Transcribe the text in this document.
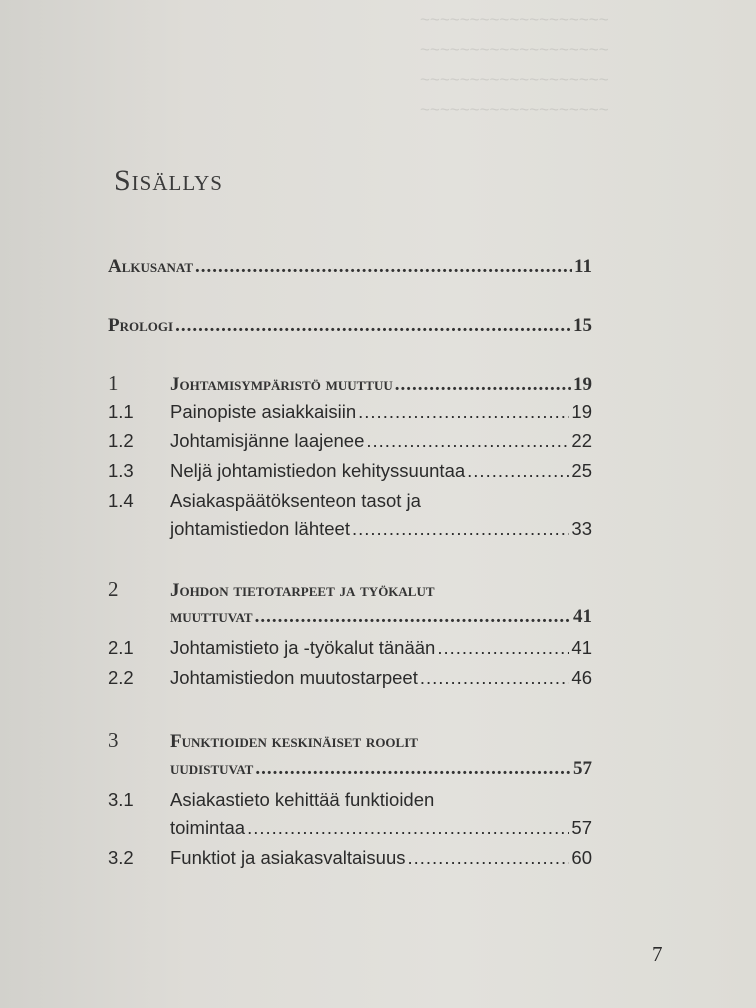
~~~~~~~~~~~~~~~~~~~
~~~~~~~~~~~~~~~~~~~
~~~~~~~~~~~~~~~~~~~
~~~~~~~~~~~~~~~~~~~
Sisällys
Alkusanat .....	11
Prologi .....	15
1	Johtamisympäristö muuttuu .....	19
1.1	Painopiste asiakkaisiin .....	19
1.2	Johtamisjänne laajenee .....	22
1.3	Neljä johtamistiedon kehityssuuntaa .....	25
1.4	Asiakaspäätöksenteon tasot ja
johtamistiedon lähteet .....	33
2	Johdon tietotarpeet ja työkalut
muuttuvat .....	41
2.1	Johtamistieto ja -työkalut tänään .....	41
2.2	Johtamistiedon muutostarpeet .....	46
3	Funktioiden keskinäiset roolit
uudistuvat .....	57
3.1	Asiakastieto kehittää funktioiden
toimintaa .....	57
3.2	Funktiot ja asiakasvaltaisuus .....	60
7
